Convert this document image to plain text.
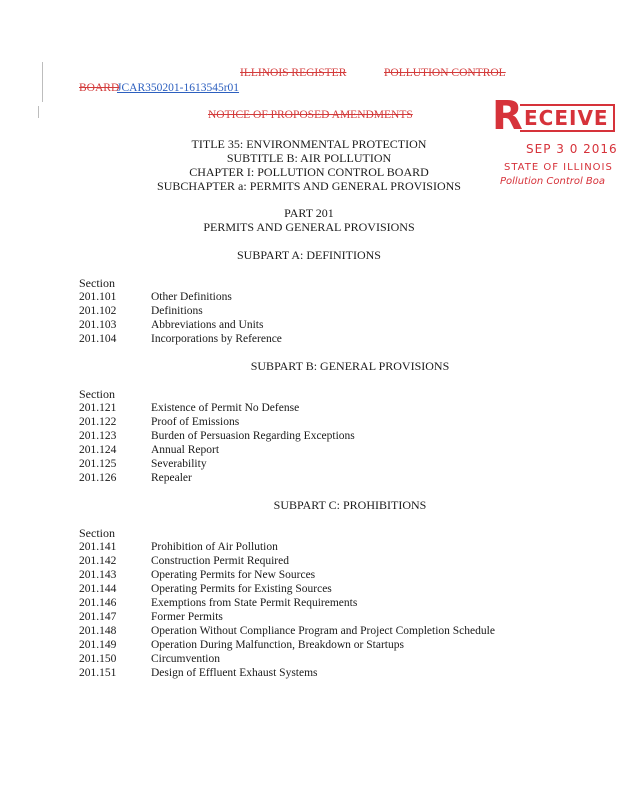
ILLINOIS REGISTER	POLLUTION CONTROL
BOARD
JCAR350201-1613545r01
NOTICE OF PROPOSED AMENDMENTS R ECEIVE
SEP 3 0 2016
STATE OF ILLINOIS
Pollution Control Boa
TITLE 35: ENVIRONMENTAL PROTECTION
SUBTITLE B: AIR POLLUTION
CHAPTER I: POLLUTION CONTROL BOARD
SUBCHAPTER a: PERMITS AND GENERAL PROVISIONS
PART 201
PERMITS AND GENERAL PROVISIONS
SUBPART A: DEFINITIONS
Section
201.101	Other Definitions
201.102	Definitions
201.103	Abbreviations and Units
201.104	Incorporations by Reference
SUBPART B: GENERAL PROVISIONS
Section
201.121	Existence of Permit No Defense
201.122	Proof of Emissions
201.123	Burden of Persuasion Regarding Exceptions
201.124	Annual Report
201.125	Severability
201.126	Repealer
SUBPART C: PROHIBITIONS
Section
201.141	Prohibition of Air Pollution
201.142	Construction Permit Required
201.143	Operating Permits for New Sources
201.144	Operating Permits for Existing Sources
201.146	Exemptions from State Permit Requirements
201.147	Former Permits
201.148	Operation Without Compliance Program and Project Completion Schedule
201.149	Operation During Malfunction, Breakdown or Startups
201.150	Circumvention
201.151	Design of Effluent Exhaust Systems
